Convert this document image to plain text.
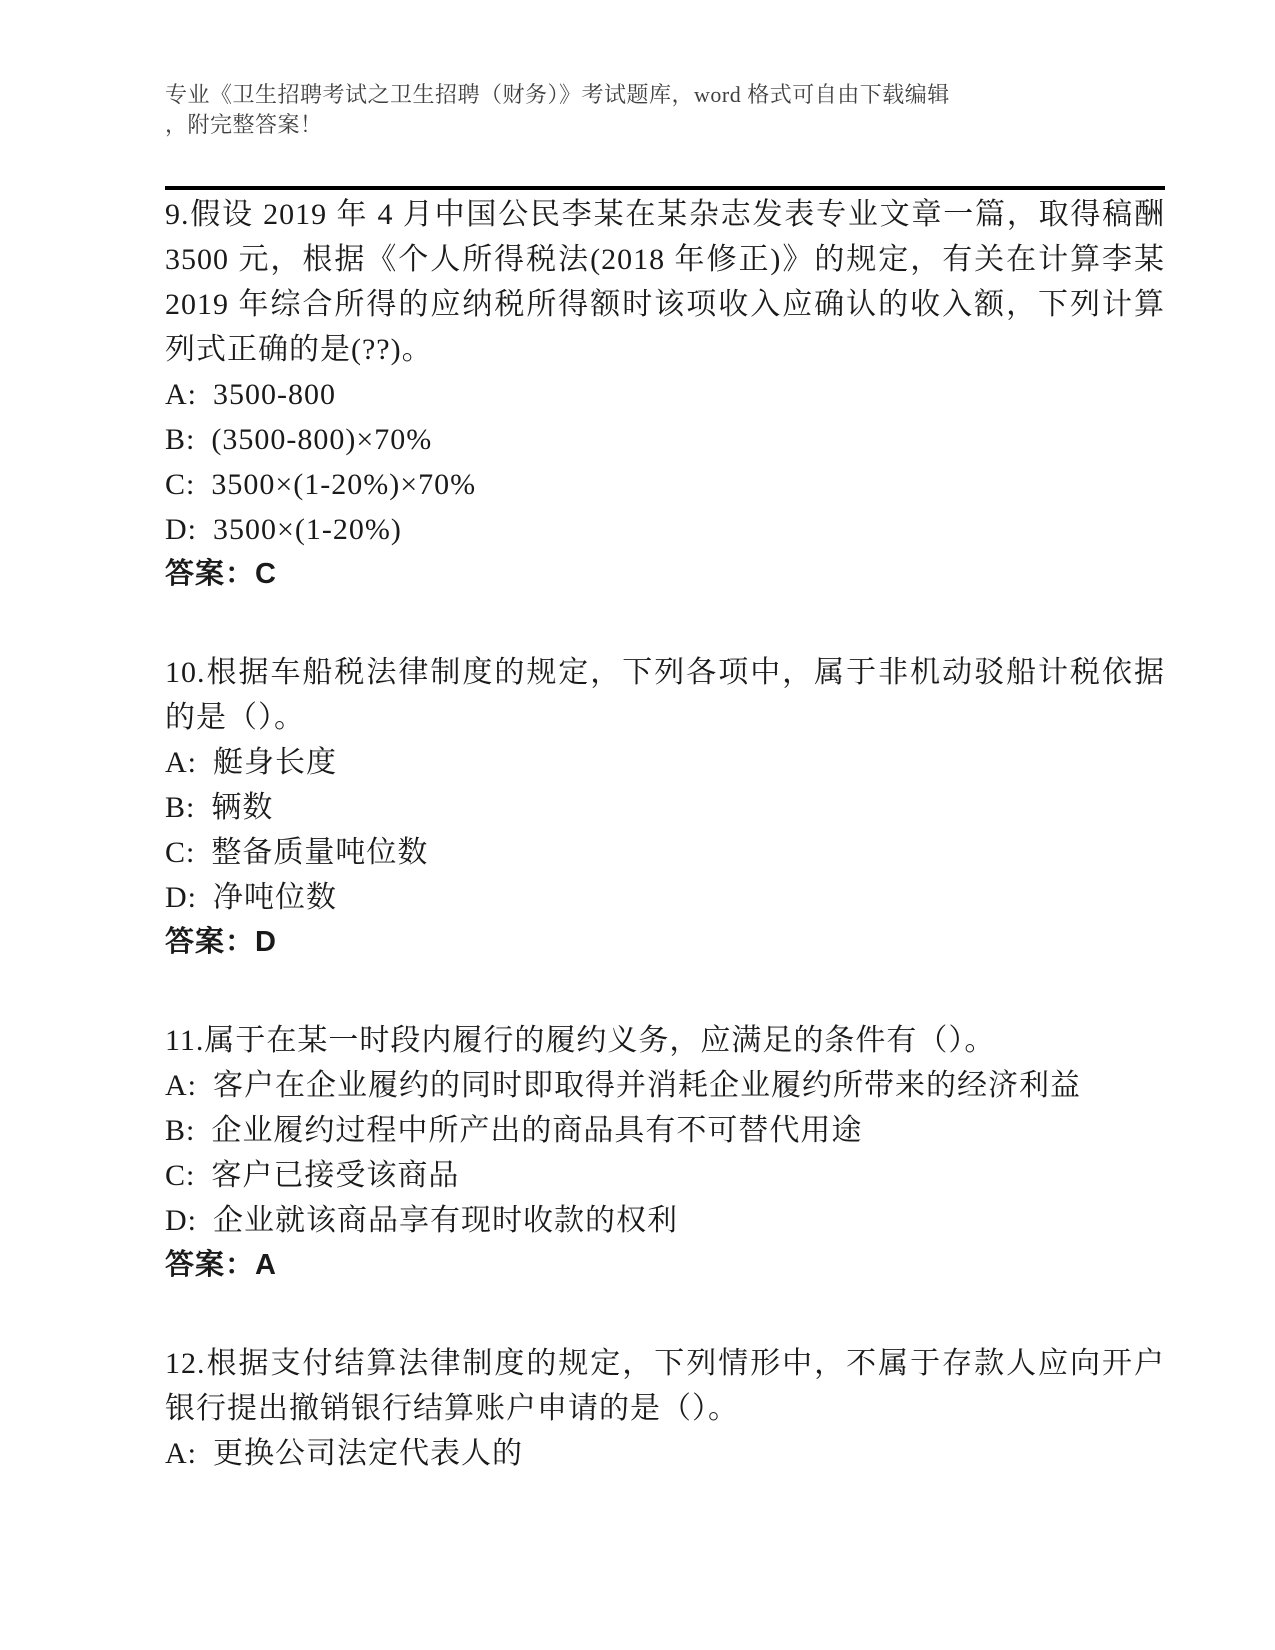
专业《卫生招聘考试之卫生招聘（财务）》考试题库，word 格式可自由下载编辑
，附完整答案！

9.假设 2019 年 4 月中国公民李某在某杂志发表专业文章一篇，取得稿酬 3500 元，根据《个人所得税法(2018 年修正)》的规定，有关在计算李某 2019 年综合所得的应纳税所得额时该项收入应确认的收入额，下列计算列式正确的是(??)。

A: 3500-800

B: (3500-800)×70%

C: 3500×(1-20%)×70%

D: 3500×(1-20%)

答案：C

10.根据车船税法律制度的规定，下列各项中，属于非机动驳船计税依据的是（）。

A: 艇身长度

B: 辆数

C: 整备质量吨位数

D: 净吨位数

答案：D

11.属于在某一时段内履行的履约义务，应满足的条件有（）。

A: 客户在企业履约的同时即取得并消耗企业履约所带来的经济利益

B: 企业履约过程中所产出的商品具有不可替代用途

C: 客户已接受该商品

D: 企业就该商品享有现时收款的权利

答案：A

12.根据支付结算法律制度的规定，下列情形中，不属于存款人应向开户银行提出撤销银行结算账户申请的是（）。

A: 更换公司法定代表人的
